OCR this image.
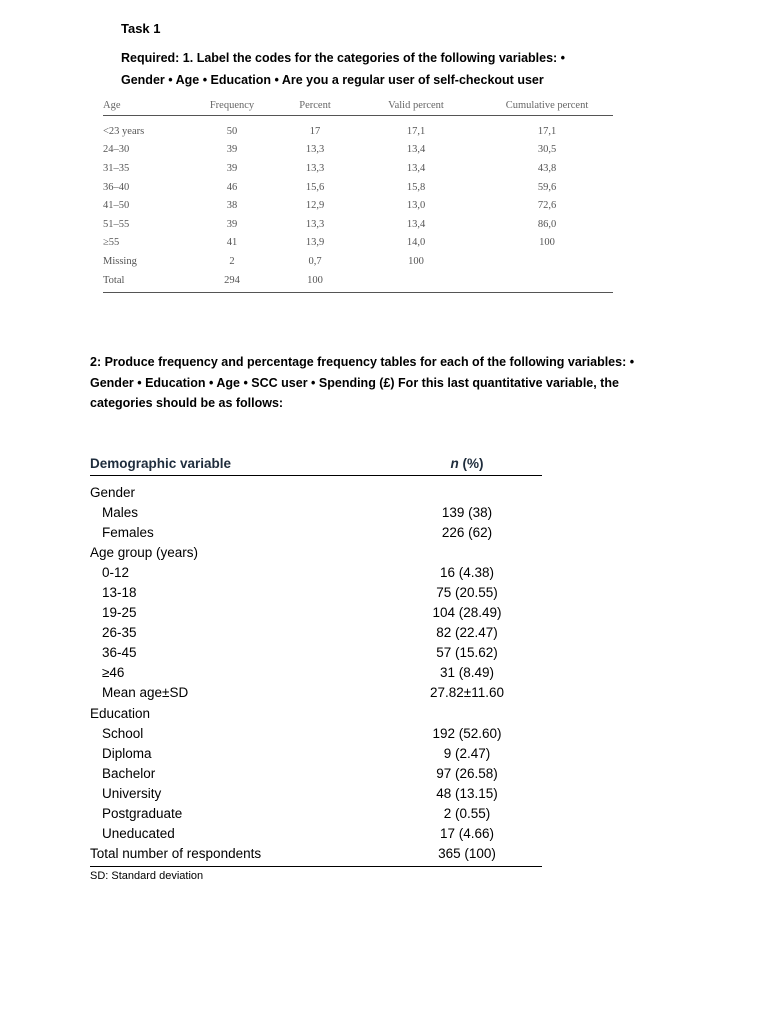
Task 1
Required: 1. Label the codes for the categories of the following variables: • Gender • Age • Education • Are you a regular user of self-checkout user
Age	Frequency	Percent	Valid percent	Cumulative percent
<23 years	50	17	17,1	17,1
24–30	39	13,3	13,4	30,5
31–35	39	13,3	13,4	43,8
36–40	46	15,6	15,8	59,6
41–50	38	12,9	13,0	72,6
51–55	39	13,3	13,4	86,0
≥55	41	13,9	14,0	100
Missing	2	0,7	100
Total	294	100
2: Produce frequency and percentage frequency tables for each of the following variables: • Gender • Education • Age • SCC user • Spending (£) For this last quantitative variable, the categories should be as follows:
Demographic variable	n (%)
Gender
Males	139 (38)
Females	226 (62)
Age group (years)
0-12	16 (4.38)
13-18	75 (20.55)
19-25	104 (28.49)
26-35	82 (22.47)
36-45	57 (15.62)
≥46	31 (8.49)
Mean age±SD	27.82±11.60
Education
School	192 (52.60)
Diploma	9 (2.47)
Bachelor	97 (26.58)
University	48 (13.15)
Postgraduate	2 (0.55)
Uneducated	17 (4.66)
Total number of respondents	365 (100)
SD: Standard deviation
